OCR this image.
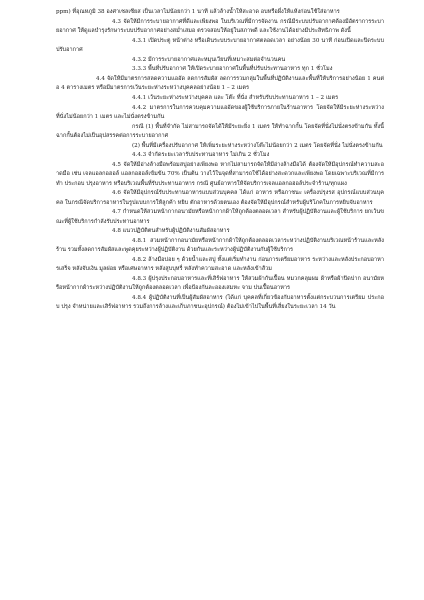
ppm) ที่อุณหภูมิ 38 องศาเซลเซียส เป็นเวลาไม่น้อยกว่า 1 นาที แล้วล้างน้ำให้สะอาด อบหรือผึ่งให้แห้งก่อนใช้ใส่อาหาร

4.3 จัดให้มีการระบายอากาศที่ดีและเพียงพอ ในบริเวณที่มีการจัดงาน กรณีมีระบบปรับอากาศต้องมีอัตราการระบายอากาศ ให้ดูแลบำรุงรักษาระบบปรับอากาศอย่างสม่ำเสมอ ตรวจสอบให้อยู่ในสภาพดี และใช้งานได้อย่างมีประสิทธิภาพ ดังนี้

4.3.1 เปิดประตู หน้าต่าง หรือเดินระบบระบายอากาศตลอดเวลา อย่างน้อย 30 นาที ก่อนเปิดและปิดระบบปรับอากาศ

4.3.2 มีการระบายอากาศและหมุนเวียนที่เหมาะสมต่อจำนวนคน

3.3.3 พื้นที่ปรับอากาศ ให้เปิดระบายอากาศในพื้นที่ปรับประทานอาหาร ทุก 1 ชั่วโมง

4.4 จัดให้มีมาตรการสลดความแออัด ลดการสัมผัส ลดการรวมกลุ่มในพื้นที่ปฏิบัติงานและพื้นที่ให้บริการอย่างน้อย 1 คนต่อ 4 ตารางเมตร หรือมีมาตรการเว้นระยะห่างระหว่างบุคคลอย่างน้อย 1 – 2 เมตร

4.4.1 เว้นระยะห่างระหว่างบุคคล และ โต๊ะ ที่นั่ง สำหรับรับประทานอาหาร 1 – 2 เมตร

4.4.2 มาตรการในการควบคุมความแออัดของผู้ใช้บริการภายในร้านอาหาร โดยจัดให้มีระยะห่างระหว่างที่นั่งไม่น้อยกว่า 1 เมตร และไม่นั่งตรงข้ามกัน

กรณี (1) พื้นที่จำกัด ไม่สามารถจัดได้ให้มีระยะยิ่ง 1 เมตร ให้ทำฉากกั้น โดยจัดที่นั่งไม่นั่งตรงข้ามกัน ทั้งนี้ ฉากกั้นต้องไม่เป็นอุปสรรคต่อการระบายอากาศ

(2) พื้นที่มีเครื่องปรับอากาศ ให้เพิ่มระยะห่างระหว่างโต๊ะไม่น้อยกว่า 2 เมตร โดยจัดที่นั่ง ไม่นั่งตรงข้ามกัน

4.4.3 จำกัดระยะเวลารับประทานอาหาร ไม่เกิน 2 ชั่วโมง

4.5 จัดให้มีอ่างล้างมือพร้อมสบู่อย่างเพียงพอ หากไม่สามารถจัดให้มีอ่างล้างมือได้ ต้องจัดให้มีอุปกรณ์ทำความสะอาดมือ เช่น เจลแอลกอฮอล์ แอลกอฮอล์เข้มข้น 70% เป็นต้น วางไว้ในจุดที่สามารถใช้ได้อย่างสะดวกและเพียงพอ โดยเฉพาะบริเวณที่มีการทำ ประกอบ ปรุงอาหาร หรือบริเวณพื้นที่รับประทานอาหาร กรณี ศูนย์อาหารให้จัดบริการเจลแอลกอฮอล์ประจำร้าน/ทุกแผง

4.6 จัดให้มีอุปกรณ์รับประทานอาหารแบบส่วนบุคคล ได้แก่ อาหาร หรือภาชนะ เครื่องปรุงรส อุปกรณ์แบบส่วนบุคคล ในกรณีจัดบริการอาหารในรูปแบบการให้ลูกค้า หยิบ ตักอาหารด้วยตนเอง ต้องจัดให้มีอุปกรณ์สำหรับผู้บริโภคในการหยิบจับอาหาร

4.7 กำหนดให้สวมหน้ากากอนามัยหรือหน้ากากผ้าให้ถูกต้องตลอดเวลา สำหรับผู้ปฏิบัติงานและผู้ใช้บริการ ยกเว้นขณะที่ผู้ใช้บริการกำลังรับประทานอาหาร

4.8 แนวปฏิบัติตนสำหรับผู้ปฏิบัติงานสัมผัสอาหาร

4.8.1 สวมหน้ากากอนามัยหรือหน้ากากผ้าให้ถูกต้องตลอดเวลาระหว่างปฏิบัติงานบริเวณหน้าร้านและหลังร้าน รวมทั้งลดการสัมผัสและพูดคุยระหว่างผู้ปฏิบัติงาน ด้วยกันและระหว่างผู้ปฏิบัติงานกับผู้ใช้บริการ

4.8.2 ล้างมือบ่อย ๆ ด้วยน้ำและสบู่ ทั้งแต่เริ่มทำงาน ก่อนการเตรียมอาหาร ระหว่างและหลังประกอบอาหารเสร็จ หลังจับเงิน มูลฝอย หรือเศษอาหาร หลังสูบบุหรี่ หลังทำความสะอาด และหลังเข้าส้วม

4.8.3 ผู้ปรุงประกอบอาหารและที่เสิร์ฟอาหาร ให้สวมผ้ากันเปื้อน หมวกคลุมผม ผ้าหรือผ้าปิดปาก อนามัยหรือหน้ากากผ้าระหว่างปฏิบัติงานให้ถูกต้องตลอดเวลา เพื่อป้องกันละอองเสมหะ จาม ปนเปื้อนอาหาร

4.8.4 ผู้ปฏิบัติงานที่เป็นผู้สัมผัสอาหาร (ได้แก่ บุคคลที่เกี่ยวข้องกับอาหารตั้งแต่กระบวนการเตรียม ประกอบ ปรุง จำหน่ายและเสิร์ฟอาหาร รวมถึงการล้างและเก็บภาชนะอุปกรณ์) ต้องไม่เข้าไปในพื้นที่เสี่ยงในระยะเวลา 14 วัน
